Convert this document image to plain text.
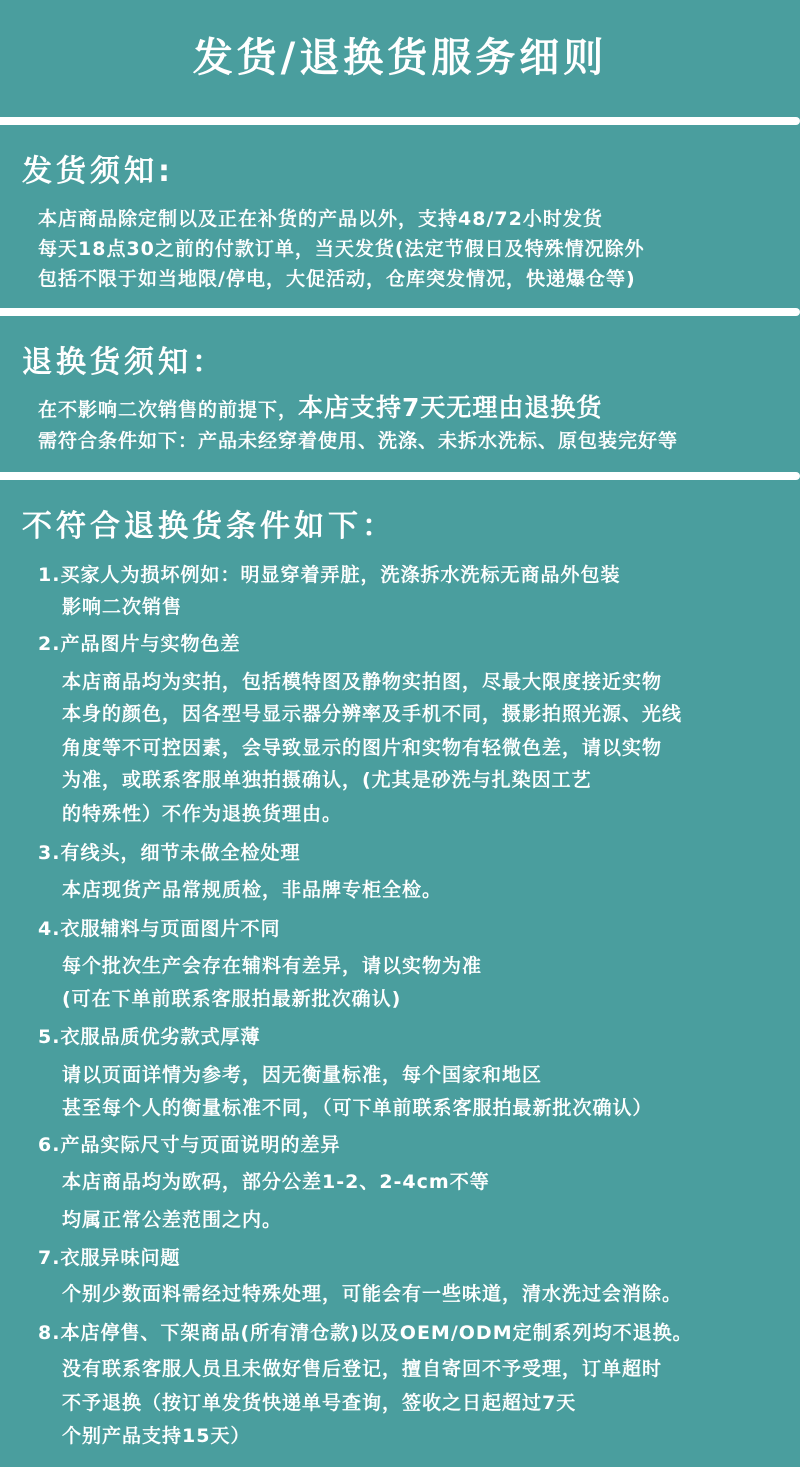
发货/退换货服务细则
发货须知:
本店商品除定制以及正在补货的产品以外，支持48/72小时发货
每天18点30之前的付款订单，当天发货(法定节假日及特殊情况除外
包括不限于如当地限/停电，大促活动，仓库突发情况，快递爆仓等)
退换货须知：
在不影响二次销售的前提下，本店支持7天无理由退换货
需符合条件如下：产品未经穿着使用、洗涤、未拆水洗标、原包装完好等
不符合退换货条件如下：
1.买家人为损坏例如：明显穿着弄脏，洗涤拆水洗标无商品外包装
影响二次销售
2.产品图片与实物色差
本店商品均为实拍，包括模特图及静物实拍图，尽最大限度接近实物
本身的颜色，因各型号显示器分辨率及手机不同，摄影拍照光源、光线
角度等不可控因素，会导致显示的图片和实物有轻微色差，请以实物
为准，或联系客服单独拍摄确认，(尤其是砂洗与扎染因工艺
的特殊性）不作为退换货理由。
3.有线头，细节未做全检处理
本店现货产品常规质检，非品牌专柜全检。
4.衣服辅料与页面图片不同
每个批次生产会存在辅料有差异，请以实物为准
(可在下单前联系客服拍最新批次确认)
5.衣服品质优劣款式厚薄
请以页面详情为参考，因无衡量标准，每个国家和地区
甚至每个人的衡量标准不同，（可下单前联系客服拍最新批次确认）
6.产品实际尺寸与页面说明的差异
本店商品均为欧码，部分公差1-2、2-4cm不等
均属正常公差范围之内。
7.衣服异味问题
个别少数面料需经过特殊处理，可能会有一些味道，清水洗过会消除。
8.本店停售、下架商品(所有清仓款)以及OEM/ODM定制系列均不退换。
没有联系客服人员且未做好售后登记，擅自寄回不予受理，订单超时
不予退换（按订单发货快递单号查询，签收之日起超过7天
个别产品支持15天）
